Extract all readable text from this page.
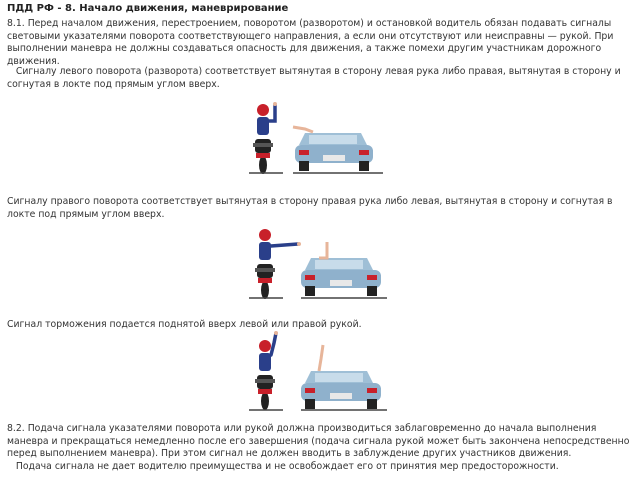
ПДД РФ - 8. Начало движения, маневрирование

8.1. Перед началом движения, перестроением, поворотом (разворотом) и остановкой водитель обязан подавать сигналы световыми указателями поворота соответствующего направления, а если они отсутствуют или неисправны — рукой. При выполнении маневра не должны создаваться опасность для движения, а также помехи другим участникам дорожного движения.

Сигналу левого поворота (разворота) соответствует вытянутая в сторону левая рука либо правая, вытянутая в сторону и согнутая в локте под прямым углом вверх.

Сигналу правого поворота соответствует вытянутая в сторону правая рука либо левая, вытянутая в сторону и согнутая в локте под прямым углом вверх.

Сигнал торможения подается поднятой вверх левой или правой рукой.

8.2. Подача сигнала указателями поворота или рукой должна производиться заблаговременно до начала выполнения маневра и прекращаться немедленно после его завершения (подача сигнала рукой может быть закончена непосредственно перед выполнением маневра). При этом сигнал не должен вводить в заблуждение других участников движения.
Подача сигнала не дает водителю преимущества и не освобождает его от принятия мер предосторожности.
